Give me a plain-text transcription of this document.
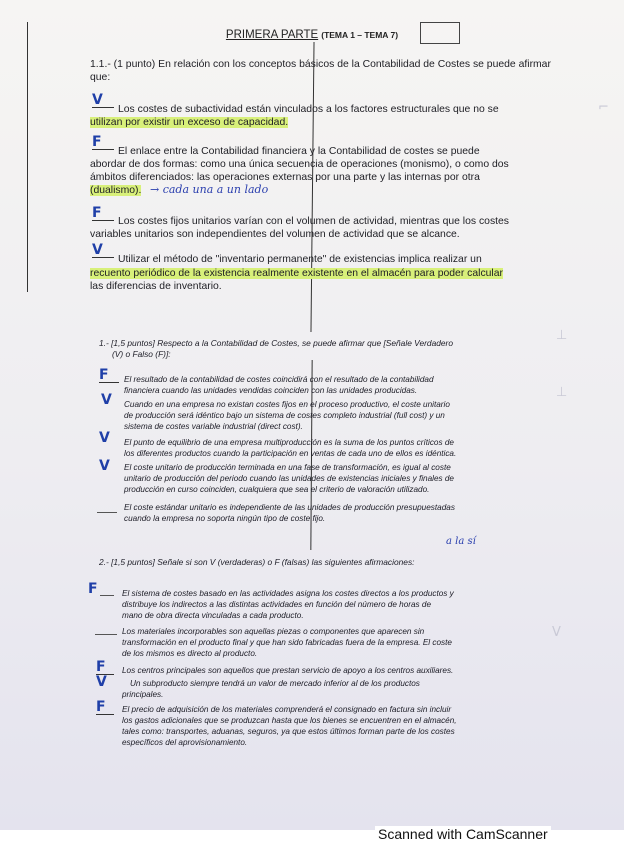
⌐
⊥
⊥
V
PRIMERA PARTE (TEMA 1 – TEMA 7)
1.1.- (1 punto) En relación con los conceptos básicos de la Contabilidad de Costes se puede afirmar que:
V
Los costes de subactividad están vinculados a los factores estructurales que no se
utilizan por existir un exceso de capacidad.
F
El enlace entre la Contabilidad financiera y la Contabilidad de costes se puede
abordar de dos formas: como una única secuencia de operaciones (monismo), o como dos
ámbitos diferenciados: las operaciones externas por una parte y las internas por otra
(dualismo). → cada una a un lado
F
Los costes fijos unitarios varían con el volumen de actividad, mientras que los costes
variables unitarios son independientes del volumen de actividad que se alcance.
V
Utilizar el método de "inventario permanente" de existencias implica realizar un
recuento periódico de la existencia realmente existente en el almacén para poder calcular
las diferencias de inventario.
1.- [1,5 puntos] Respecto a la Contabilidad de Costes, se puede afirmar que [Señale Verdadero
(V) o Falso (F)]:
F	El resultado de la contabilidad de costes coincidirá con el resultado de la contabilidad
financiera cuando las unidades vendidas coinciden con las unidades producidas.
V Cuando en una empresa no existan costes fijos en el proceso productivo, el coste unitario
de producción será idéntico bajo un sistema de costes completo industrial (full cost) y un
sistema de costes variable industrial (direct cost).
V El punto de equilibrio de una empresa multiproducción es la suma de los puntos críticos de
los diferentes productos cuando la participación en ventas de cada uno de ellos es idéntica.
V El coste unitario de producción terminada en una fase de transformación, es igual al coste
unitario de producción del periodo cuando las unidades de existencias iniciales y finales de
producción en curso coinciden, cualquiera que sea el criterio de valoración utilizado.
El coste estándar unitario es independiente de las unidades de producción presupuestadas
cuando la empresa no soporta ningún tipo de coste fijo.
a la sí
2.- [1,5 puntos] Señale si son V (verdaderas) o F (falsas) las siguientes afirmaciones:
F	El sistema de costes basado en las actividades asigna los costes directos a los productos y
distribuye los indirectos a las distintas actividades en función del número de horas de
mano de obra directa vinculadas a cada producto.
Los materiales incorporables son aquellas piezas o componentes que aparecen sin
transformación en el producto final y que han sido fabricadas fuera de la empresa. El coste
de los mismos es directo al producto.
F	Los centros principales son aquellos que prestan servicio de apoyo a los centros auxiliares.
V	Un subproducto siempre tendrá un valor de mercado inferior al de los productos
principales.
F	El precio de adquisición de los materiales comprenderá el consignado en factura sin incluir
los gastos adicionales que se produzcan hasta que los bienes se encuentren en el almacén,
tales como: transportes, aduanas, seguros, ya que estos últimos forman parte de los costes
específicos del aprovisionamiento.
Scanned with CamScanner
